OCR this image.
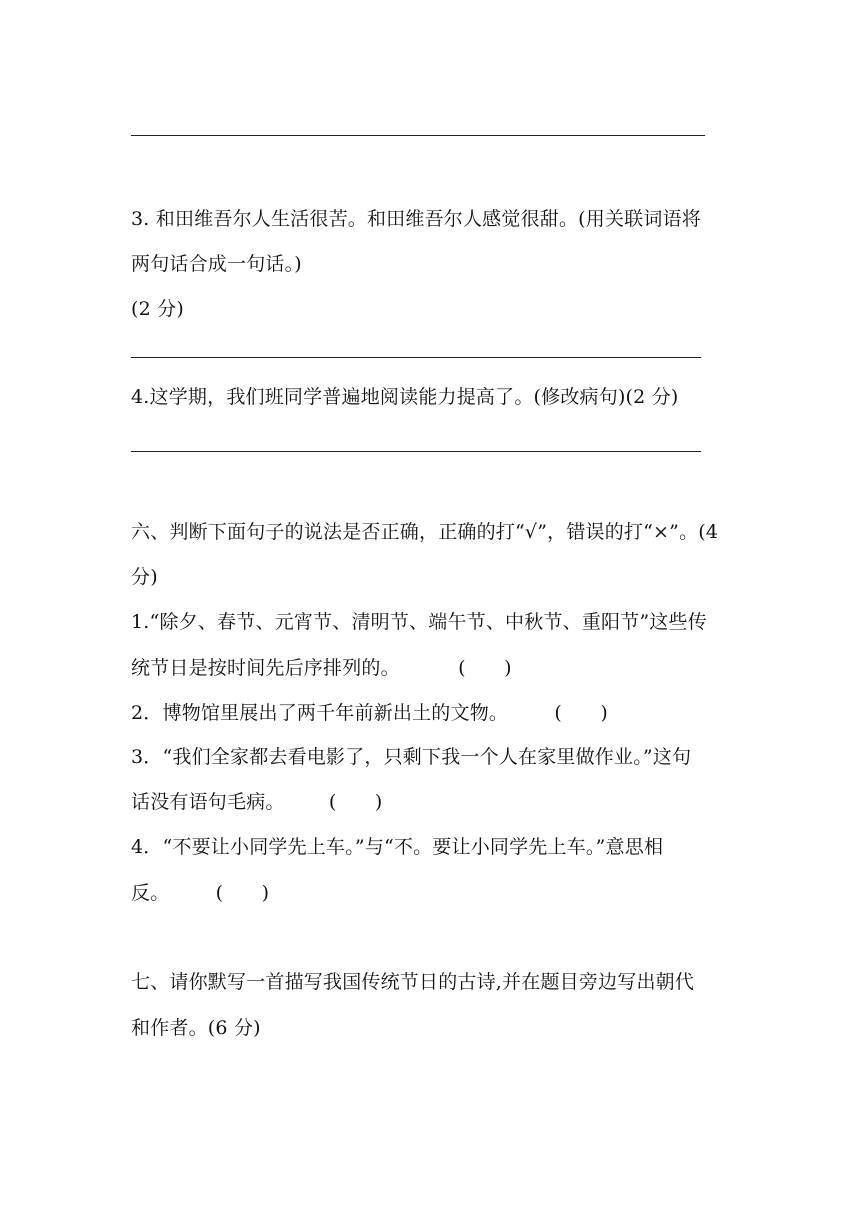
3. 和田维吾尔人生活很苦。和田维吾尔人感觉很甜。(用关联词语将
两句话合成一句话。)
(2 分)
4.这学期，我们班同学普遍地阅读能力提高了。(修改病句)(2 分)
六、判断下面句子的说法是否正确，正确的打“√”，错误的打“×”。(4
分)
1.“除夕、春节、元宵节、清明节、端午节、中秋节、重阳节”这些传
统节日是按时间先后序排列的。	(　　)
2．博物馆里展出了两千年前新出土的文物。 (　　)
3．“我们全家都去看电影了，只剩下我一个人在家里做作业。”这句
话没有语句毛病。 (　　)
4．“不要让小同学先上车。”与“不。要让小同学先上车。”意思相
反。 (　　)
七、请你默写一首描写我国传统节日的古诗,并在题目旁边写出朝代
和作者。(6 分)
